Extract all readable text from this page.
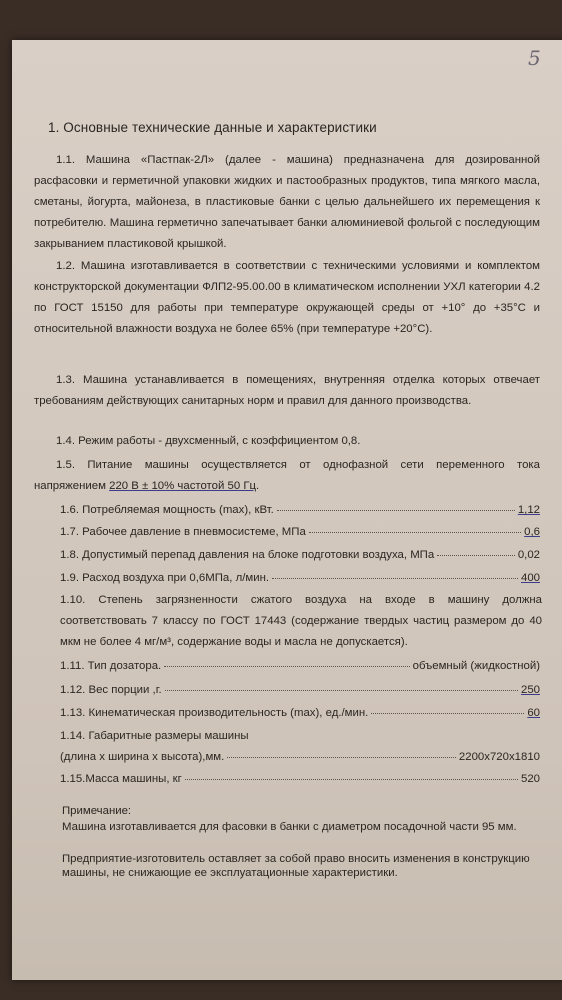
5
1. Основные технические данные и характеристики
1.1. Машина «Пастпак-2Л» (далее - машина) предназначена для дозированной расфасовки и герметичной упаковки жидких и пастообразных продуктов, типа мягкого масла, сметаны, йогурта, майонеза, в пластиковые банки с целью дальнейшего их перемещения к потребителю. Машина герметично запечатывает банки алюминиевой фольгой с последующим закрыванием пластиковой крышкой.
1.2. Машина изготавливается в соответствии с техническими условиями и комплектом конструкторской документации ФЛП2-95.00.00 в климатическом исполнении УХЛ категории 4.2 по ГОСТ 15150 для работы при температуре окружающей среды от +10° до +35°С и относительной влажности воздуха не более 65% (при температуре +20°С).
1.3. Машина устанавливается в помещениях, внутренняя отделка которых отвечает требованиям действующих санитарных норм и правил для данного производства.
1.4. Режим работы - двухсменный, с коэффициентом 0,8.
1.5. Питание машины осуществляется от однофазной сети переменного тока напряжением 220 В ± 10% частотой 50 Гц.
1.6. Потребляемая мощность (max), кВт.	1,12
1.7. Рабочее давление в пневмосистеме, МПа	0,6
1.8. Допустимый перепад давления на блоке подготовки воздуха, МПа	0,02
1.9. Расход воздуха при 0,6МПа, л/мин.	400
1.10. Степень загрязненности сжатого воздуха на входе в машину должна соответствовать 7 классу по ГОСТ 17443 (содержание твердых частиц размером до 40 мкм не более 4 мг/м³, содержание воды и масла не допускается).
1.11. Тип дозатора.	объемный (жидкостной)
1.12. Вес порции ,г.	250
1.13. Кинематическая производительность (max), ед./мин.	60
1.14. Габаритные размеры машины
(длина х ширина х высота),мм.	2200х720х1810
1.15.Масса машины, кг	520
Примечание:
Машина изготавливается для фасовки в банки с диаметром посадочной части 95 мм.
Предприятие-изготовитель оставляет за собой право вносить изменения в конструкцию машины, не снижающие ее эксплуатационные характеристики.
